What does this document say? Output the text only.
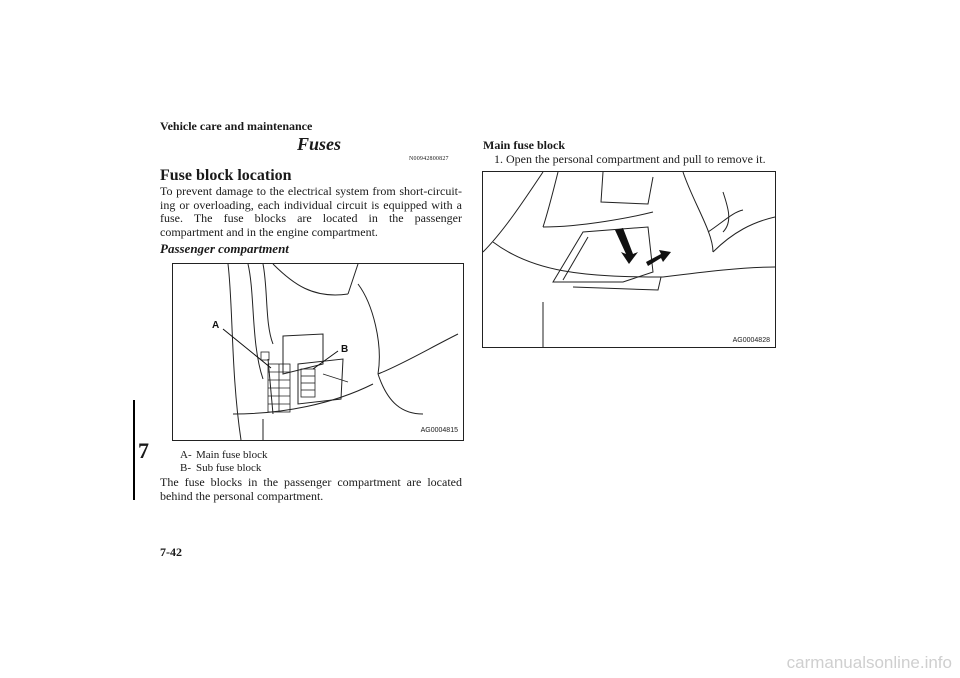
Vehicle care and maintenance
Fuses
N00942800827
Fuse block location
To prevent damage to the electrical system from short-circuit-ing or overloading, each individual circuit is equipped with a fuse. The fuse blocks are located in the passenger compartment and in the engine compartment.
Passenger compartment
A
B
AG0004815
A- Main fuse block
B- Sub fuse block
The fuse blocks in the passenger compartment are located behind the personal compartment.
Main fuse block
1. Open the personal compartment and pull to remove it.
AG0004828
7
7-42
carmanualsonline.info
